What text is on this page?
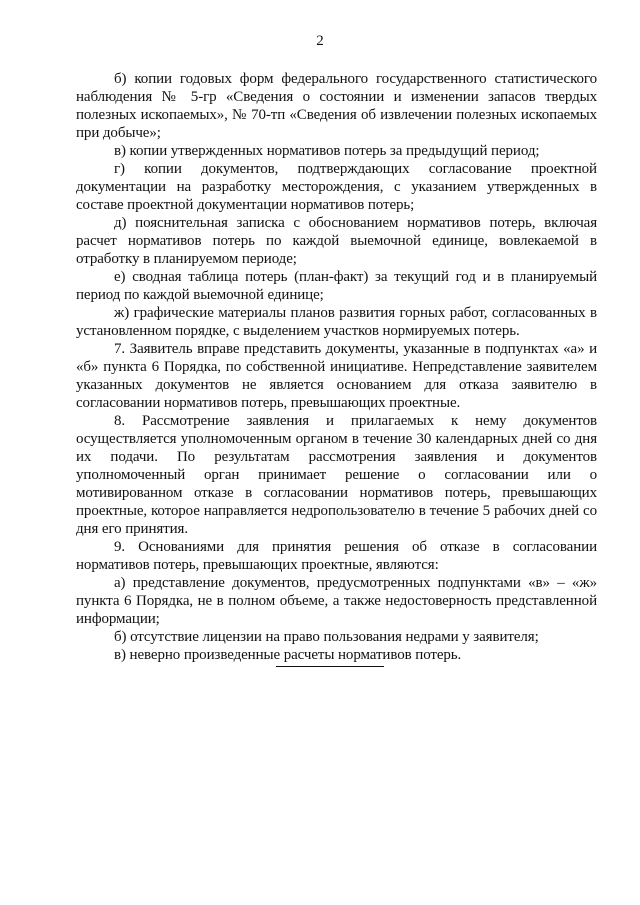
2

б) копии годовых форм федерального государственного статистического наблюдения № 5-гр «Сведения о состоянии и изменении запасов твердых полезных ископаемых», № 70-тп «Сведения об извлечении полезных ископаемых при добыче»;

в) копии утвержденных нормативов потерь за предыдущий период;

г) копии документов, подтверждающих согласование проектной документации на разработку месторождения, с указанием утвержденных в составе проектной документации нормативов потерь;

д) пояснительная записка с обоснованием нормативов потерь, включая расчет нормативов потерь по каждой выемочной единице, вовлекаемой в отработку в планируемом периоде;

е) сводная таблица потерь (план-факт) за текущий год и в планируемый период по каждой выемочной единице;

ж) графические материалы планов развития горных работ, согласованных в установленном порядке, с выделением участков нормируемых потерь.

7. Заявитель вправе представить документы, указанные в подпунктах «а» и «б» пункта 6 Порядка, по собственной инициативе. Непредставление заявителем указанных документов не является основанием для отказа заявителю в согласовании нормативов потерь, превышающих проектные.

8. Рассмотрение заявления и прилагаемых к нему документов осуществляется уполномоченным органом в течение 30 календарных дней со дня их подачи. По результатам рассмотрения заявления и документов уполномоченный орган принимает решение о согласовании или о мотивированном отказе в согласовании нормативов потерь, превышающих проектные, которое направляется недропользователю в течение 5 рабочих дней со дня его принятия.

9. Основаниями для принятия решения об отказе в согласовании нормативов потерь, превышающих проектные, являются:

а) представление документов, предусмотренных подпунктами «в» – «ж» пункта 6 Порядка, не в полном объеме, а также недостоверность представленной информации;

б) отсутствие лицензии на право пользования недрами у заявителя;

в) неверно произведенные расчеты нормативов потерь.
